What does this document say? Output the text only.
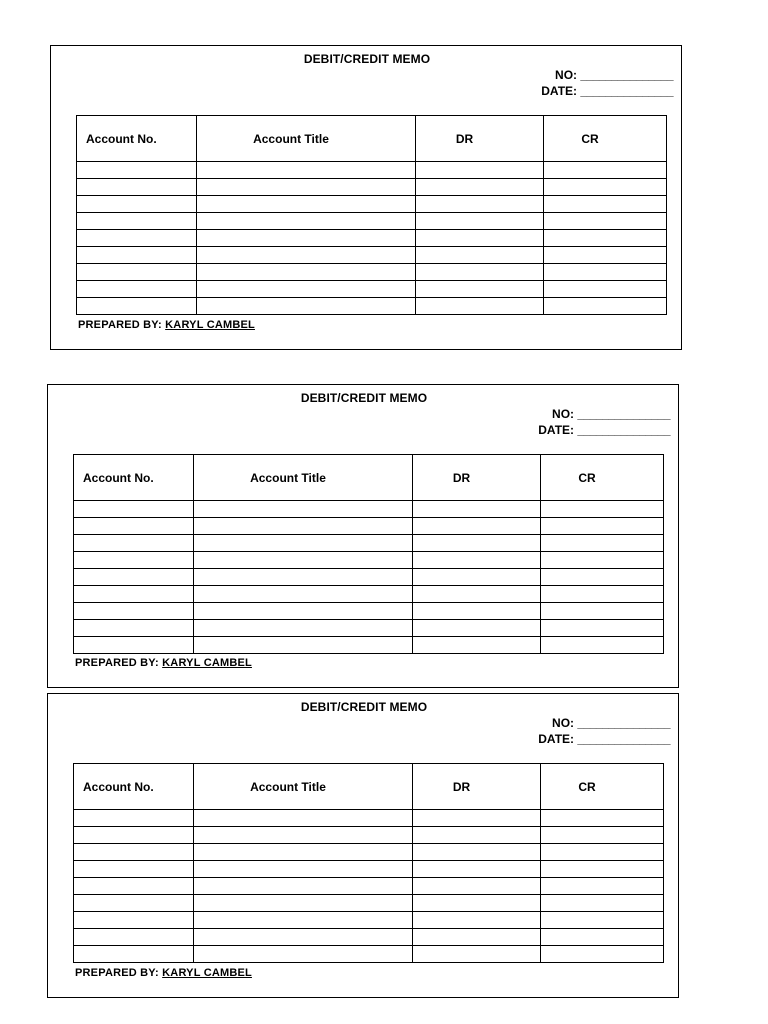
DEBIT/CREDIT MEMO
NO: _______________
DATE: _______________
Account No.	Account Title	DR	CR

PREPARED BY: KARYL CAMBEL
DEBIT/CREDIT MEMO
NO: _______________
DATE: _______________
Account No.	Account Title	DR	CR

PREPARED BY: KARYL CAMBEL
DEBIT/CREDIT MEMO
NO: _______________
DATE: _______________
Account No.	Account Title	DR	CR

PREPARED BY: KARYL CAMBEL
